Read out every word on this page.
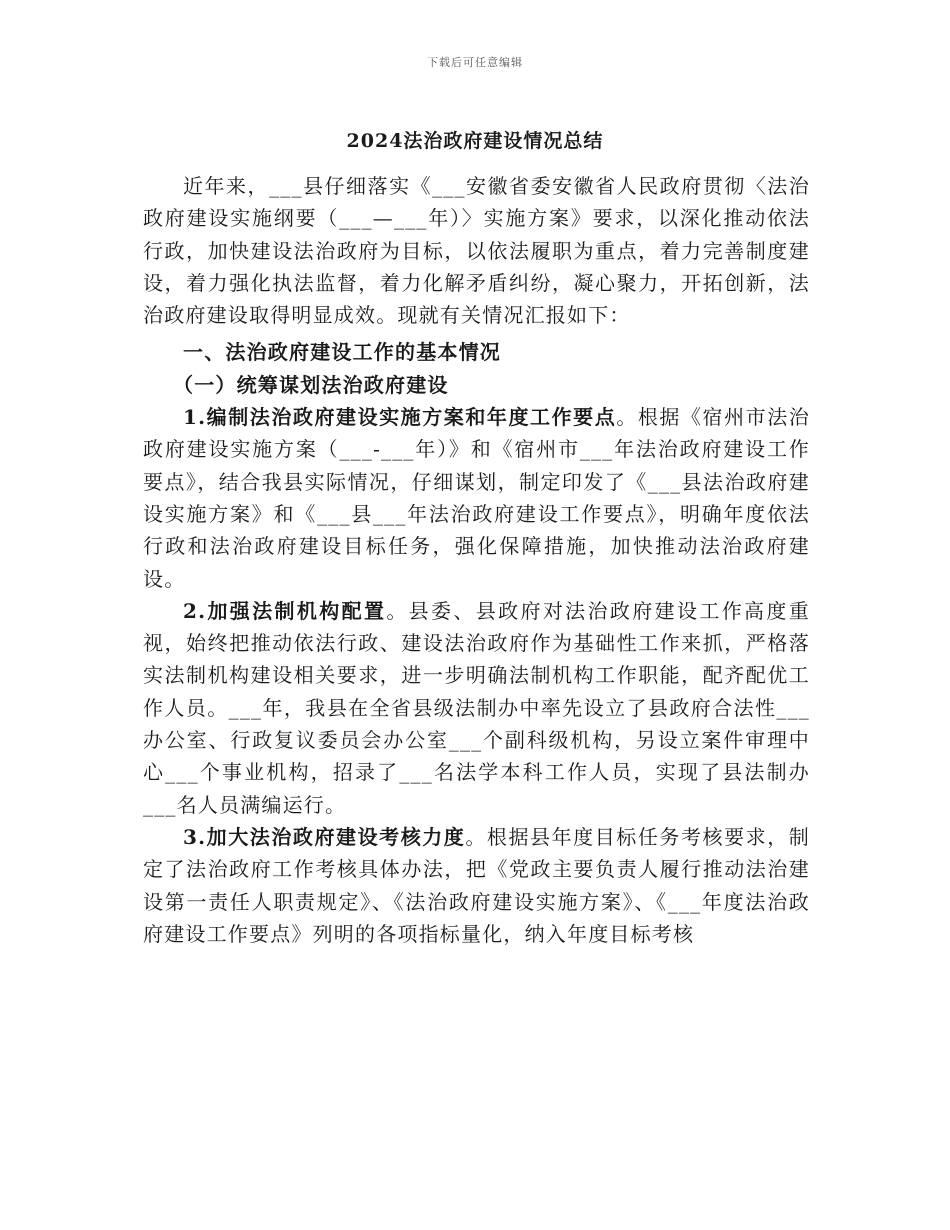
下载后可任意编辑
2024法治政府建设情况总结

近年来，___县仔细落实《___安徽省委安徽省人民政府贯彻〈法治政府建设实施纲要（___—___年）〉实施方案》要求，以深化推动依法行政，加快建设法治政府为目标，以依法履职为重点，着力完善制度建设，着力强化执法监督，着力化解矛盾纠纷，凝心聚力，开拓创新，法治政府建设取得明显成效。现就有关情况汇报如下：

一、法治政府建设工作的基本情况

（一）统筹谋划法治政府建设

1.编制法治政府建设实施方案和年度工作要点。根据《宿州市法治政府建设实施方案（___-___年）》和《宿州市___年法治政府建设工作要点》，结合我县实际情况，仔细谋划，制定印发了《___县法治政府建设实施方案》和《___县___年法治政府建设工作要点》，明确年度依法行政和法治政府建设目标任务，强化保障措施，加快推动法治政府建设。

2.加强法制机构配置。县委、县政府对法治政府建设工作高度重视，始终把推动依法行政、建设法治政府作为基础性工作来抓，严格落实法制机构建设相关要求，进一步明确法制机构工作职能，配齐配优工作人员。___年，我县在全省县级法制办中率先设立了县政府合法性___办公室、行政复议委员会办公室___个副科级机构，另设立案件审理中心___个事业机构，招录了___名法学本科工作人员，实现了县法制办___名人员满编运行。

3.加大法治政府建设考核力度。根据县年度目标任务考核要求，制定了法治政府工作考核具体办法，把《党政主要负责人履行推动法治建设第一责任人职责规定》、《法治政府建设实施方案》、《___年度法治政府建设工作要点》列明的各项指标量化，纳入年度目标考核
